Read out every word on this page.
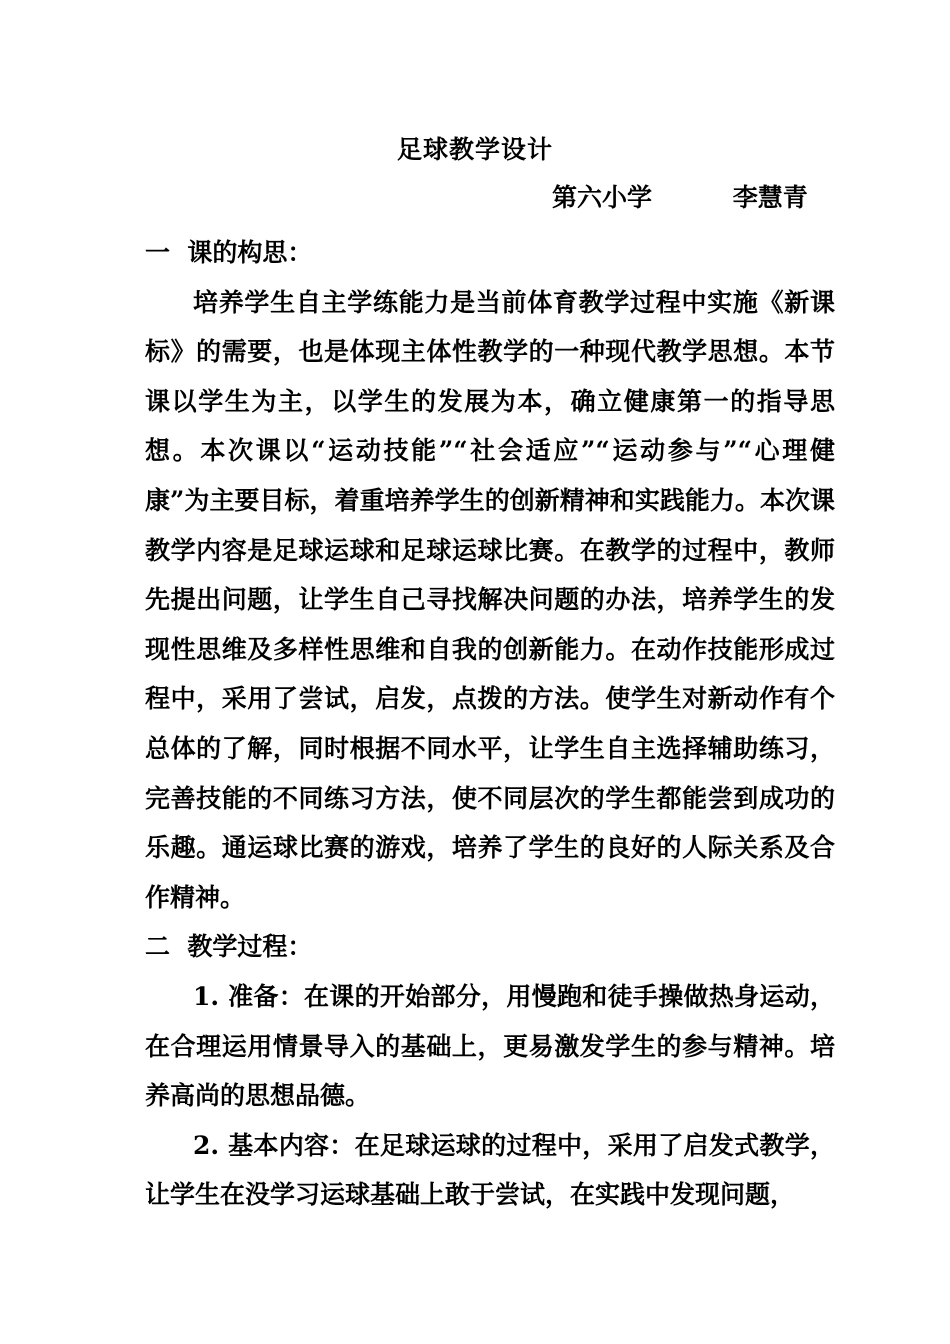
足球教学设计
第六小学	李慧青

一  课的构思：

培养学生自主学练能力是当前体育教学过程中实施《新课标》的需要，也是体现主体性教学的一种现代教学思想。本节课以学生为主，以学生的发展为本，确立健康第一的指导思想。本次课以“运动技能”“社会适应”“运动参与”“心理健康”为主要目标，着重培养学生的创新精神和实践能力。本次课教学内容是足球运球和足球运球比赛。在教学的过程中，教师先提出问题，让学生自己寻找解决问题的办法，培养学生的发现性思维及多样性思维和自我的创新能力。在动作技能形成过程中，采用了尝试，启发，点拨的方法。使学生对新动作有个总体的了解，同时根据不同水平，让学生自主选择辅助练习，完善技能的不同练习方法，使不同层次的学生都能尝到成功的乐趣。通运球比赛的游戏，培养了学生的良好的人际关系及合作精神。

二  教学过程：

1. 准备：在课的开始部分，用慢跑和徒手操做热身运动，在合理运用情景导入的基础上，更易激发学生的参与精神。培养高尚的思想品德。

2. 基本内容：在足球运球的过程中，采用了启发式教学，让学生在没学习运球基础上敢于尝试，在实践中发现问题，
